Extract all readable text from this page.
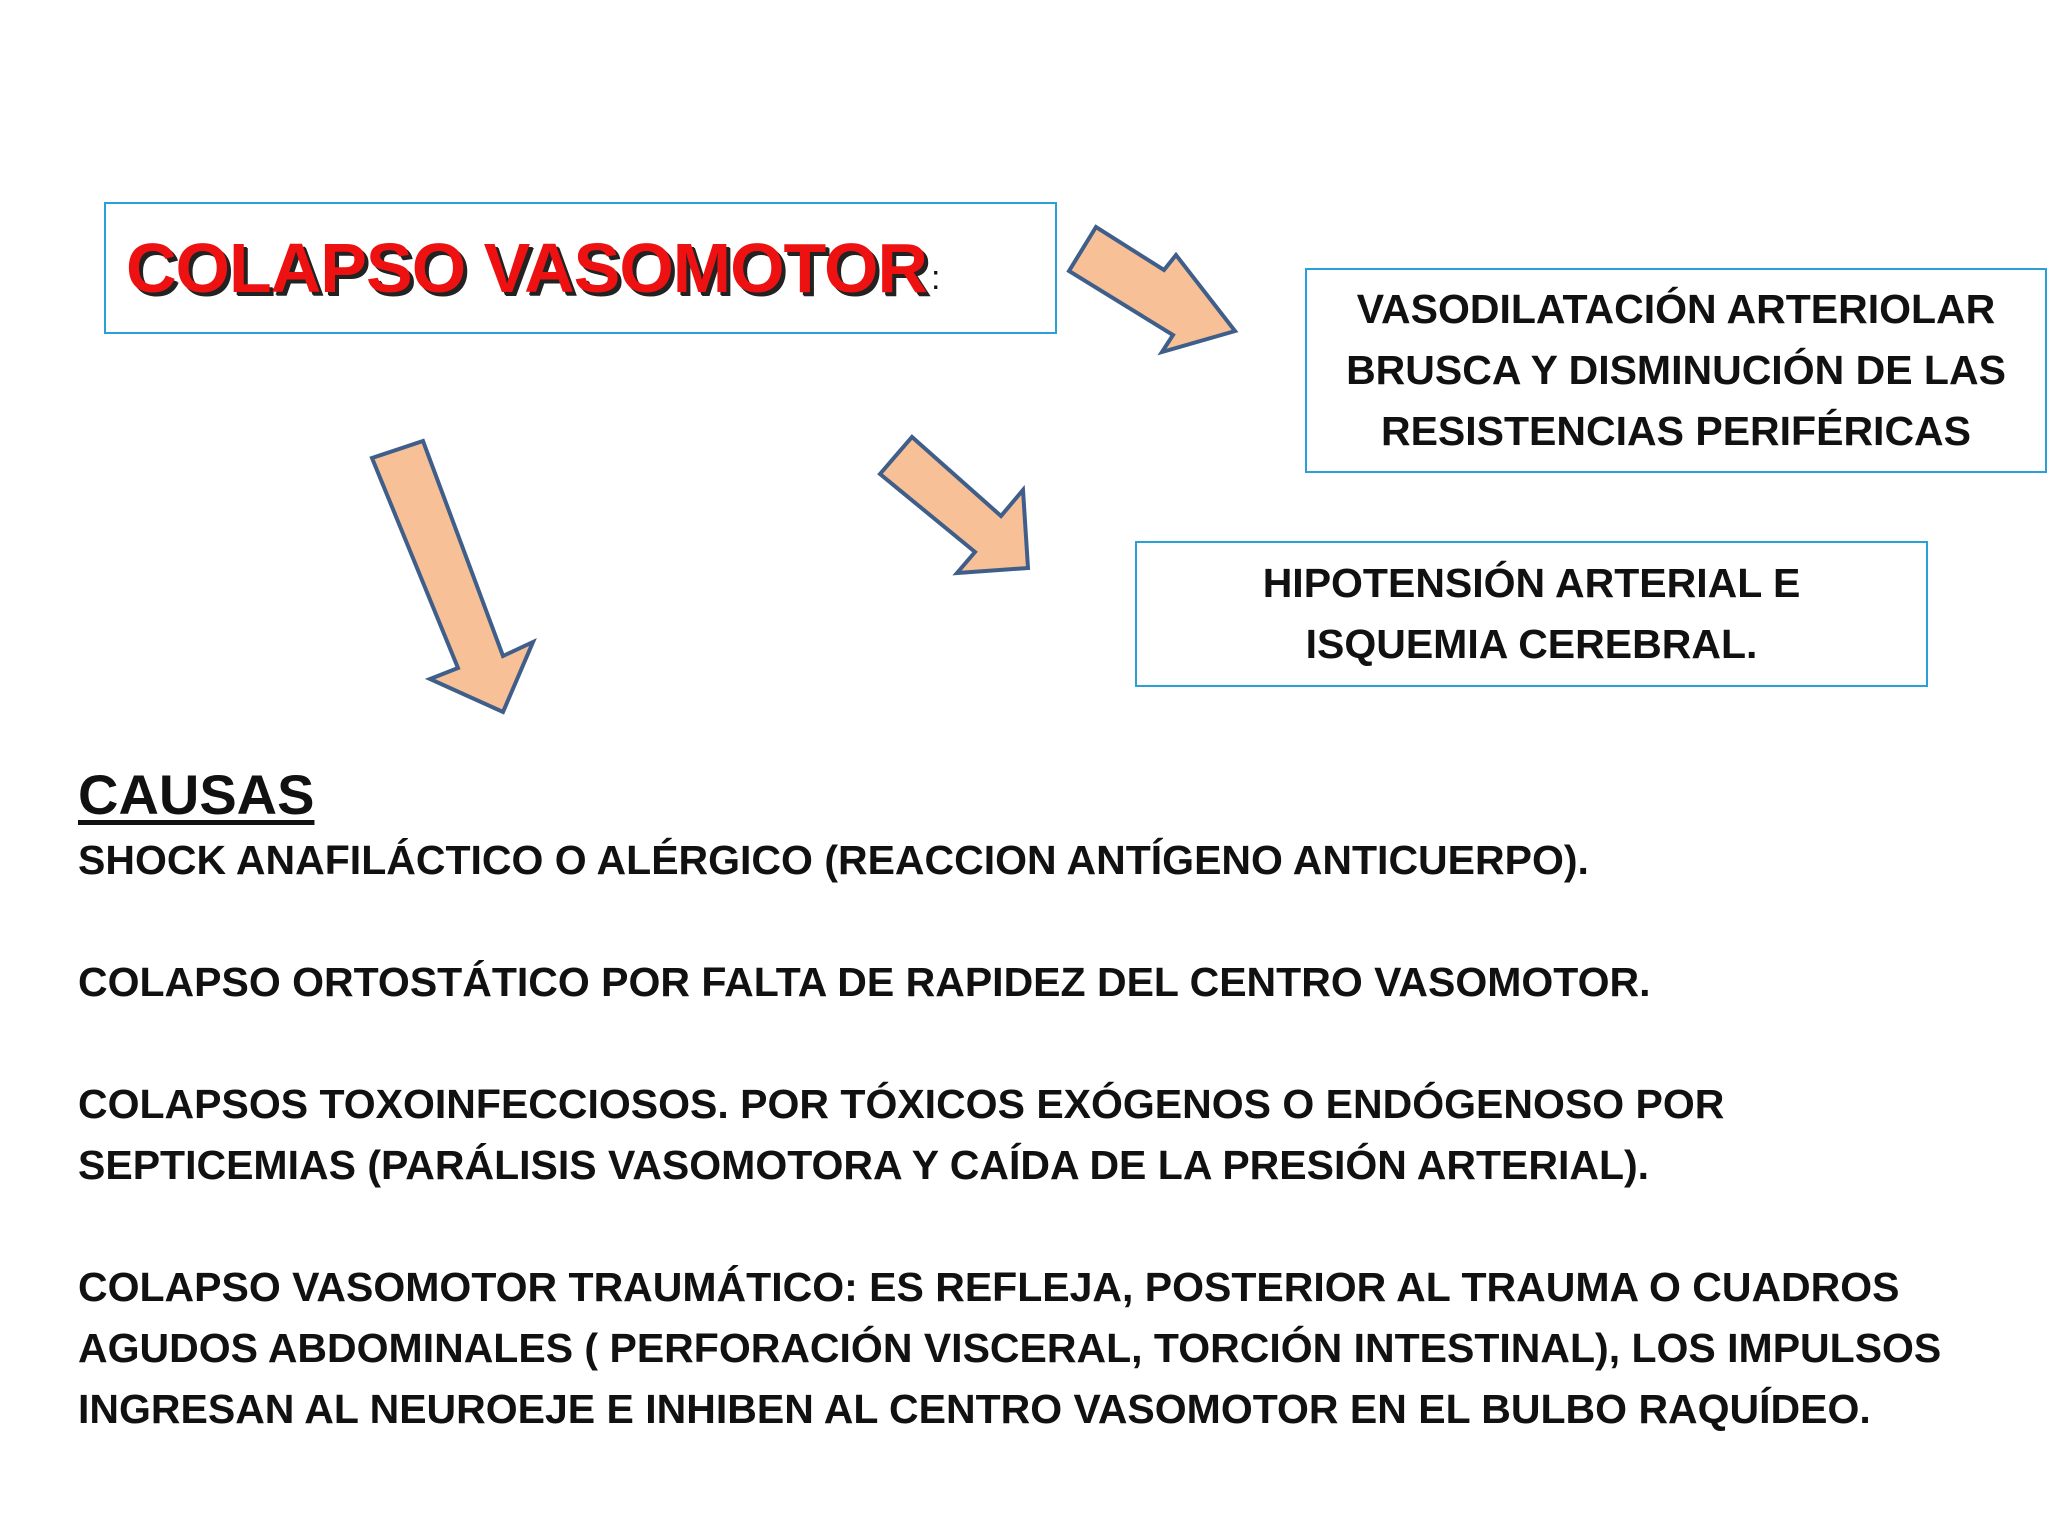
COLAPSO VASOMOTOR :
VASODILATACIÓN ARTERIOLAR
BRUSCA Y DISMINUCIÓN DE LAS
RESISTENCIAS PERIFÉRICAS
HIPOTENSIÓN ARTERIAL E
ISQUEMIA CEREBRAL.
CAUSAS

SHOCK ANAFILÁCTICO O ALÉRGICO (REACCION ANTÍGENO ANTICUERPO).

COLAPSO ORTOSTÁTICO POR FALTA DE RAPIDEZ DEL CENTRO VASOMOTOR.

COLAPSOS TOXOINFECCIOSOS. POR TÓXICOS EXÓGENOS O ENDÓGENOSO POR
SEPTICEMIAS (PARÁLISIS VASOMOTORA Y CAÍDA DE LA PRESIÓN ARTERIAL).

COLAPSO VASOMOTOR TRAUMÁTICO: ES REFLEJA, POSTERIOR AL TRAUMA O CUADROS
AGUDOS ABDOMINALES ( PERFORACIÓN VISCERAL, TORCIÓN INTESTINAL), LOS IMPULSOS
INGRESAN AL NEUROEJE E INHIBEN AL CENTRO VASOMOTOR EN EL BULBO RAQUÍDEO.
